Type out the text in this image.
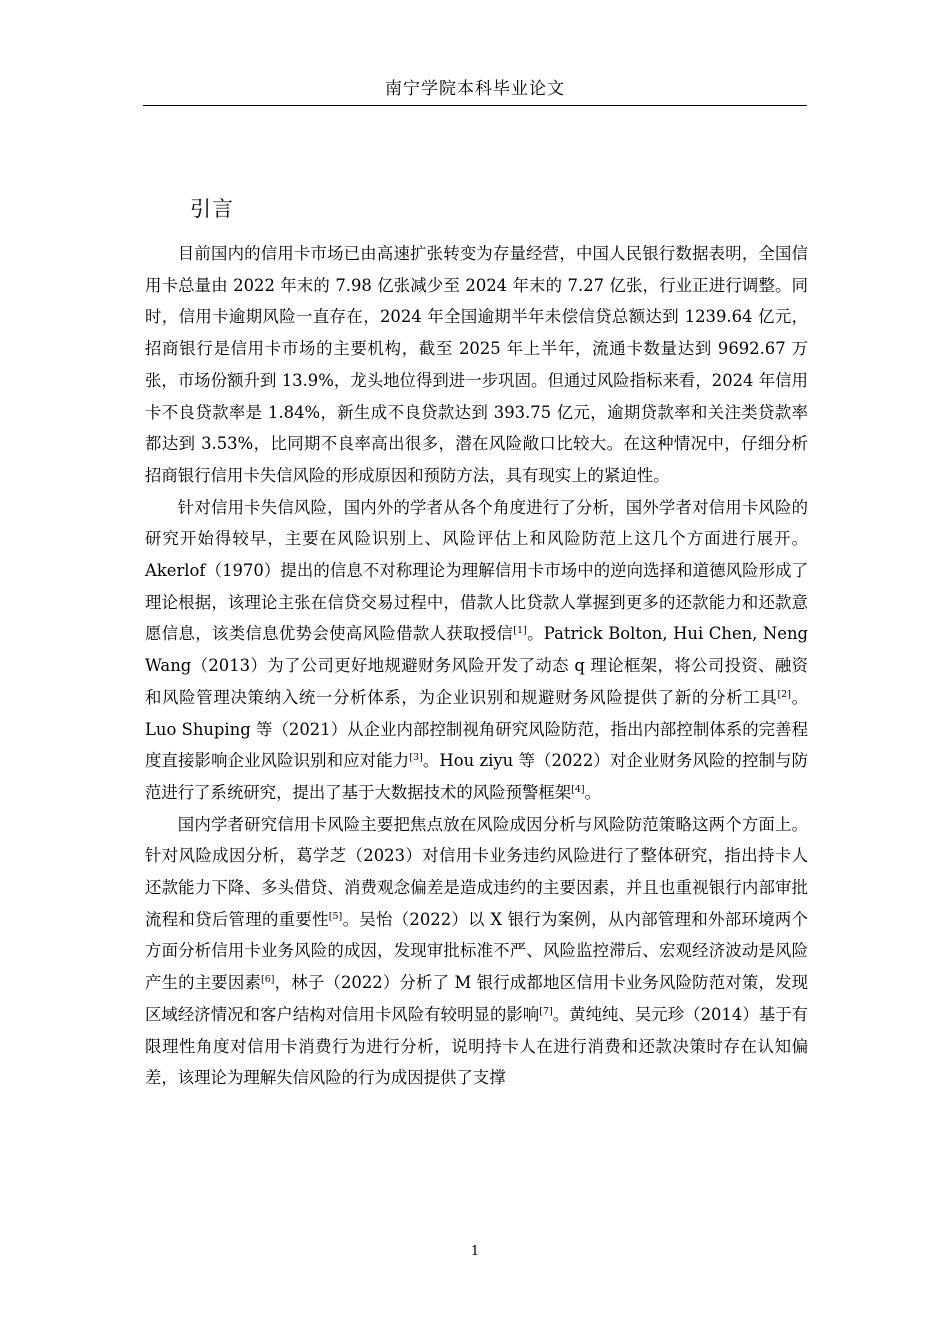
南宁学院本科毕业论文
引言

目前国内的信用卡市场已由高速扩张转变为存量经营，中国人民银行数据表明，全国信用卡总量由 2022 年末的 7.98 亿张减少至 2024 年末的 7.27 亿张，行业正进行调整。同时，信用卡逾期风险一直存在，2024 年全国逾期半年未偿信贷总额达到 1239.64 亿元，招商银行是信用卡市场的主要机构，截至 2025 年上半年，流通卡数量达到 9692.67 万张，市场份额升到 13.9%，龙头地位得到进一步巩固。但通过风险指标来看，2024 年信用卡不良贷款率是 1.84%，新生成不良贷款达到 393.75 亿元，逾期贷款率和关注类贷款率都达到 3.53%，比同期不良率高出很多，潜在风险敞口比较大。在这种情况中，仔细分析招商银行信用卡失信风险的形成原因和预防方法，具有现实上的紧迫性。

针对信用卡失信风险，国内外的学者从各个角度进行了分析，国外学者对信用卡风险的研究开始得较早，主要在风险识别上、风险评估上和风险防范上这几个方面进行展开。Akerlof（1970）提出的信息不对称理论为理解信用卡市场中的逆向选择和道德风险形成了理论根据，该理论主张在信贷交易过程中，借款人比贷款人掌握到更多的还款能力和还款意愿信息，该类信息优势会使高风险借款人获取授信[1]。Patrick Bolton, Hui Chen, Neng Wang（2013）为了公司更好地规避财务风险开发了动态 q 理论框架，将公司投资、融资和风险管理决策纳入统一分析体系，为企业识别和规避财务风险提供了新的分析工具[2]。Luo Shuping 等（2021）从企业内部控制视角研究风险防范，指出内部控制体系的完善程度直接影响企业风险识别和应对能力[3]。Hou ziyu 等（2022）对企业财务风险的控制与防范进行了系统研究，提出了基于大数据技术的风险预警框架[4]。

国内学者研究信用卡风险主要把焦点放在风险成因分析与风险防范策略这两个方面上。针对风险成因分析，葛学芝（2023）对信用卡业务违约风险进行了整体研究，指出持卡人还款能力下降、多头借贷、消费观念偏差是造成违约的主要因素，并且也重视银行内部审批流程和贷后管理的重要性[5]。吴怡（2022）以 X 银行为案例，从内部管理和外部环境两个方面分析信用卡业务风险的成因，发现审批标准不严、风险监控滞后、宏观经济波动是风险产生的主要因素[6]，林子（2022）分析了 M 银行成都地区信用卡业务风险防范对策，发现区域经济情况和客户结构对信用卡风险有较明显的影响[7]。黄纯纯、吴元珍（2014）基于有限理性角度对信用卡消费行为进行分析，说明持卡人在进行消费和还款决策时存在认知偏差，该理论为理解失信风险的行为成因提供了支撑

1
